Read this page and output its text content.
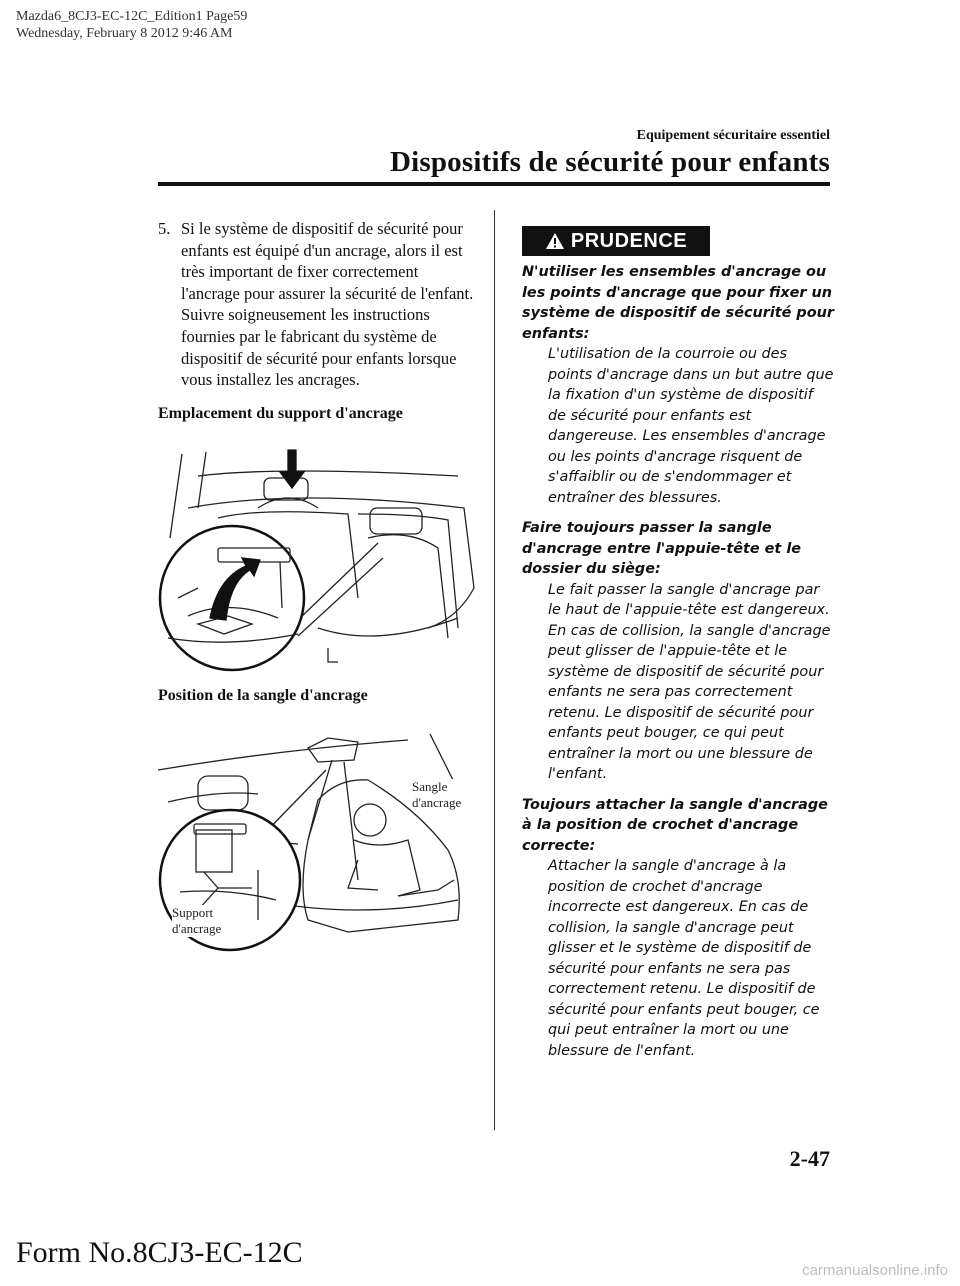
Mazda6_8CJ3-EC-12C_Edition1 Page59
Wednesday, February 8 2012 9:46 AM
Equipement sécuritaire essentiel
Dispositifs de sécurité pour enfants
5. Si le système de dispositif de sécurité pour enfants est équipé d'un ancrage, alors il est très important de fixer correctement l'ancrage pour assurer la sécurité de l'enfant. Suivre soigneusement les instructions fournies par le fabricant du système de dispositif de sécurité pour enfants lorsque vous installez les ancrages.
Emplacement du support d'ancrage
Position de la sangle d'ancrage
Sangle
d'ancrage
Support
d'ancrage
PRUDENCE
N'utiliser les ensembles d'ancrage ou les points d'ancrage que pour fixer un système de dispositif de sécurité pour enfants:
L'utilisation de la courroie ou des points d'ancrage dans un but autre que la fixation d'un système de dispositif de sécurité pour enfants est dangereuse. Les ensembles d'ancrage ou les points d'ancrage risquent de s'affaiblir ou de s'endommager et entraîner des blessures.
Faire toujours passer la sangle d'ancrage entre l'appuie-tête et le dossier du siège:
Le fait passer la sangle d'ancrage par le haut de l'appuie-tête est dangereux. En cas de collision, la sangle d'ancrage peut glisser de l'appuie-tête et le système de dispositif de sécurité pour enfants ne sera pas correctement retenu. Le dispositif de sécurité pour enfants peut bouger, ce qui peut entraîner la mort ou une blessure de l'enfant.
Toujours attacher la sangle d'ancrage à la position de crochet d'ancrage correcte:
Attacher la sangle d'ancrage à la position de crochet d'ancrage incorrecte est dangereux. En cas de collision, la sangle d'ancrage peut glisser et le système de dispositif de sécurité pour enfants ne sera pas correctement retenu. Le dispositif de sécurité pour enfants peut bouger, ce qui peut entraîner la mort ou une blessure de l'enfant.
2-47
Form No.8CJ3-EC-12C
carmanualsonline.info
